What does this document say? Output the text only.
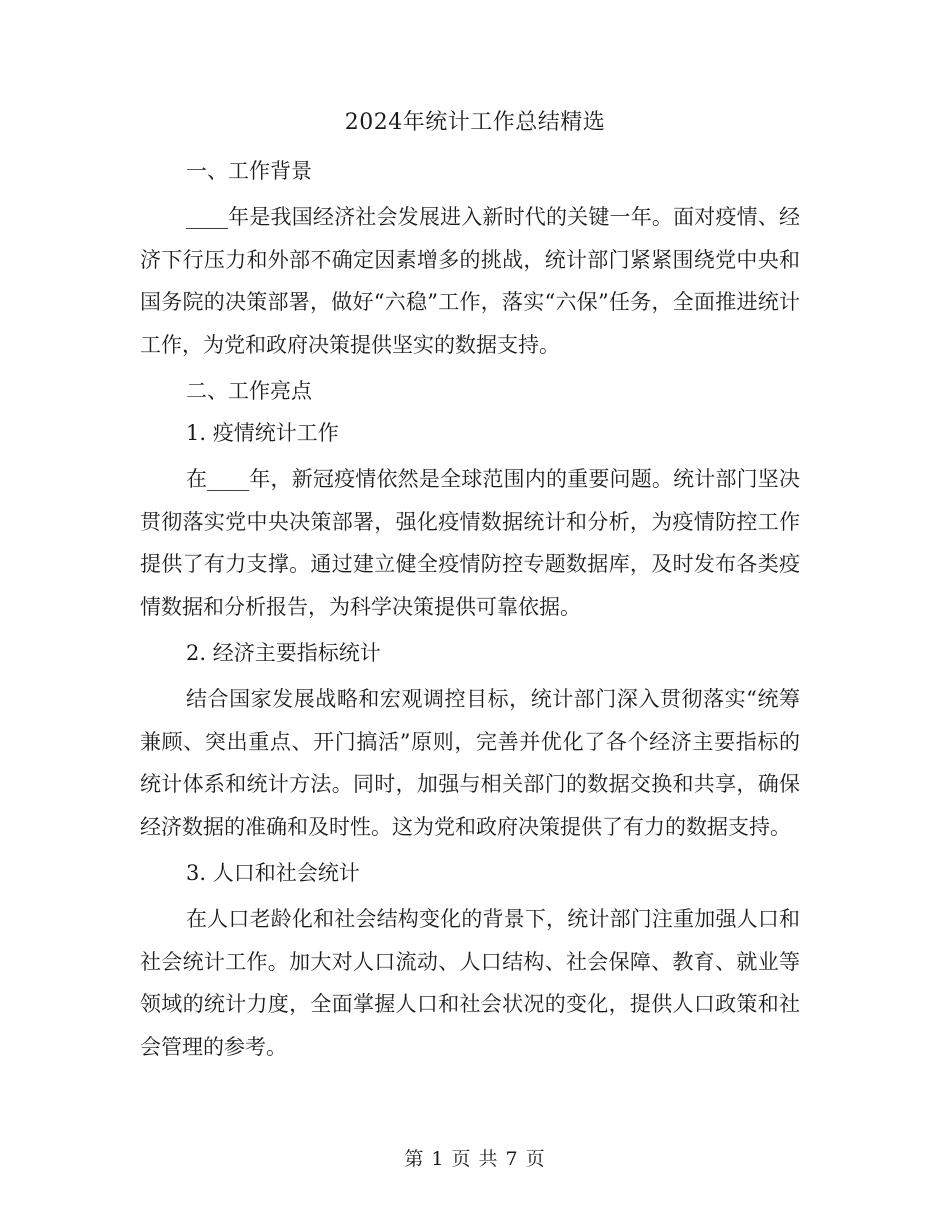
2024年统计工作总结精选

一、工作背景

____年是我国经济社会发展进入新时代的关键一年。面对疫情、经济下行压力和外部不确定因素增多的挑战，统计部门紧紧围绕党中央和国务院的决策部署，做好“六稳”工作，落实“六保”任务，全面推进统计工作，为党和政府决策提供坚实的数据支持。

二、工作亮点

1. 疫情统计工作

在____年，新冠疫情依然是全球范围内的重要问题。统计部门坚决贯彻落实党中央决策部署，强化疫情数据统计和分析，为疫情防控工作提供了有力支撑。通过建立健全疫情防控专题数据库，及时发布各类疫情数据和分析报告，为科学决策提供可靠依据。

2. 经济主要指标统计

结合国家发展战略和宏观调控目标，统计部门深入贯彻落实“统筹兼顾、突出重点、开门搞活”原则，完善并优化了各个经济主要指标的统计体系和统计方法。同时，加强与相关部门的数据交换和共享，确保经济数据的准确和及时性。这为党和政府决策提供了有力的数据支持。

3. 人口和社会统计

在人口老龄化和社会结构变化的背景下，统计部门注重加强人口和社会统计工作。加大对人口流动、人口结构、社会保障、教育、就业等领域的统计力度，全面掌握人口和社会状况的变化，提供人口政策和社会管理的参考。

第 1 页 共 7 页
